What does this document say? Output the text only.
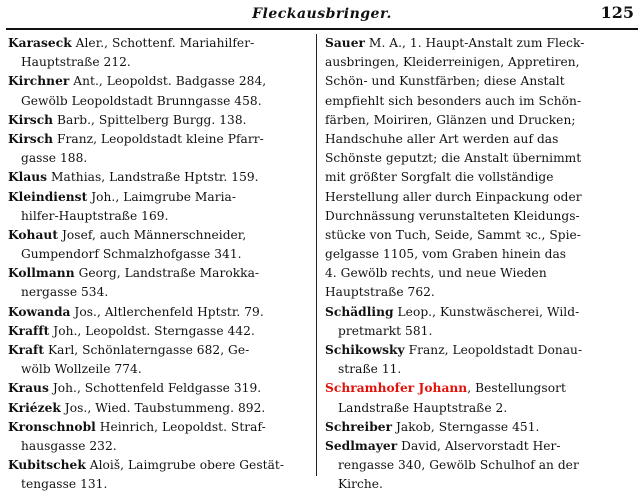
Fleckausbringer.	125
Karaseck Aler., Schottenf. Mariahilfer-
Hauptstraße 212.
Kirchner Ant., Leopoldst. Badgasse 284,
Gewölb Leopoldstadt Brunngasse 458.
Kirsch Barb., Spittelberg Burgg. 138.
Kirsch Franz, Leopoldstadt kleine Pfarr-
gasse 188.
Klaus Mathias, Landstraße Hptstr. 159.
Kleindienst Joh., Laimgrube Maria-
hilfer-Hauptstraße 169.
Kohaut Josef, auch Männerschneider,
Gumpendorf Schmalzhofgasse 341.
Kollmann Georg, Landstraße Marokka-
nergasse 534.
Kowanda Jos., Altlerchenfeld Hptstr. 79.
Krafft Joh., Leopoldst. Sterngasse 442.
Kraft Karl, Schönlaterngasse 682, Ge-
wölb Wollzeile 774.
Kraus Joh., Schottenfeld Feldgasse 319.
Kriézek Jos., Wied. Taubstummeng. 892.
Kronschnobl Heinrich, Leopoldst. Straf-
hausgasse 232.
Kubitschek Aloiš, Laimgrube obere Gestät-
tengasse 131.
Sauer M. A., 1. Haupt-Anstalt zum Fleck-
ausbringen, Kleiderreinigen, Appretiren,
Schön- und Kunstfärben; diese Anstalt
empfiehlt sich besonders auch im Schön-
färben, Moiriren, Glänzen und Drucken;
Handschuhe aller Art werden auf das
Schönste geputzt; die Anstalt übernimmt
mit größter Sorgfalt die vollständige
Herstellung aller durch Einpackung oder
Durchnässung verunstalteten Kleidungs-
stücke von Tuch, Seide, Sammt ꝛc., Spie-
gelgasse 1105, vom Graben hinein das
4. Gewölb rechts, und neue Wieden
Hauptstraße 762.
Schädling Leop., Kunstwäscherei, Wild-
pretmarkt 581.
Schikowsky Franz, Leopoldstadt Donau-
straße 11.
Schramhofer Johann, Bestellungsort
Landstraße Hauptstraße 2.
Schreiber Jakob, Sterngasse 451.
Sedlmayer David, Alservorstadt Her-
rengasse 340, Gewölb Schulhof an der
Kirche.
